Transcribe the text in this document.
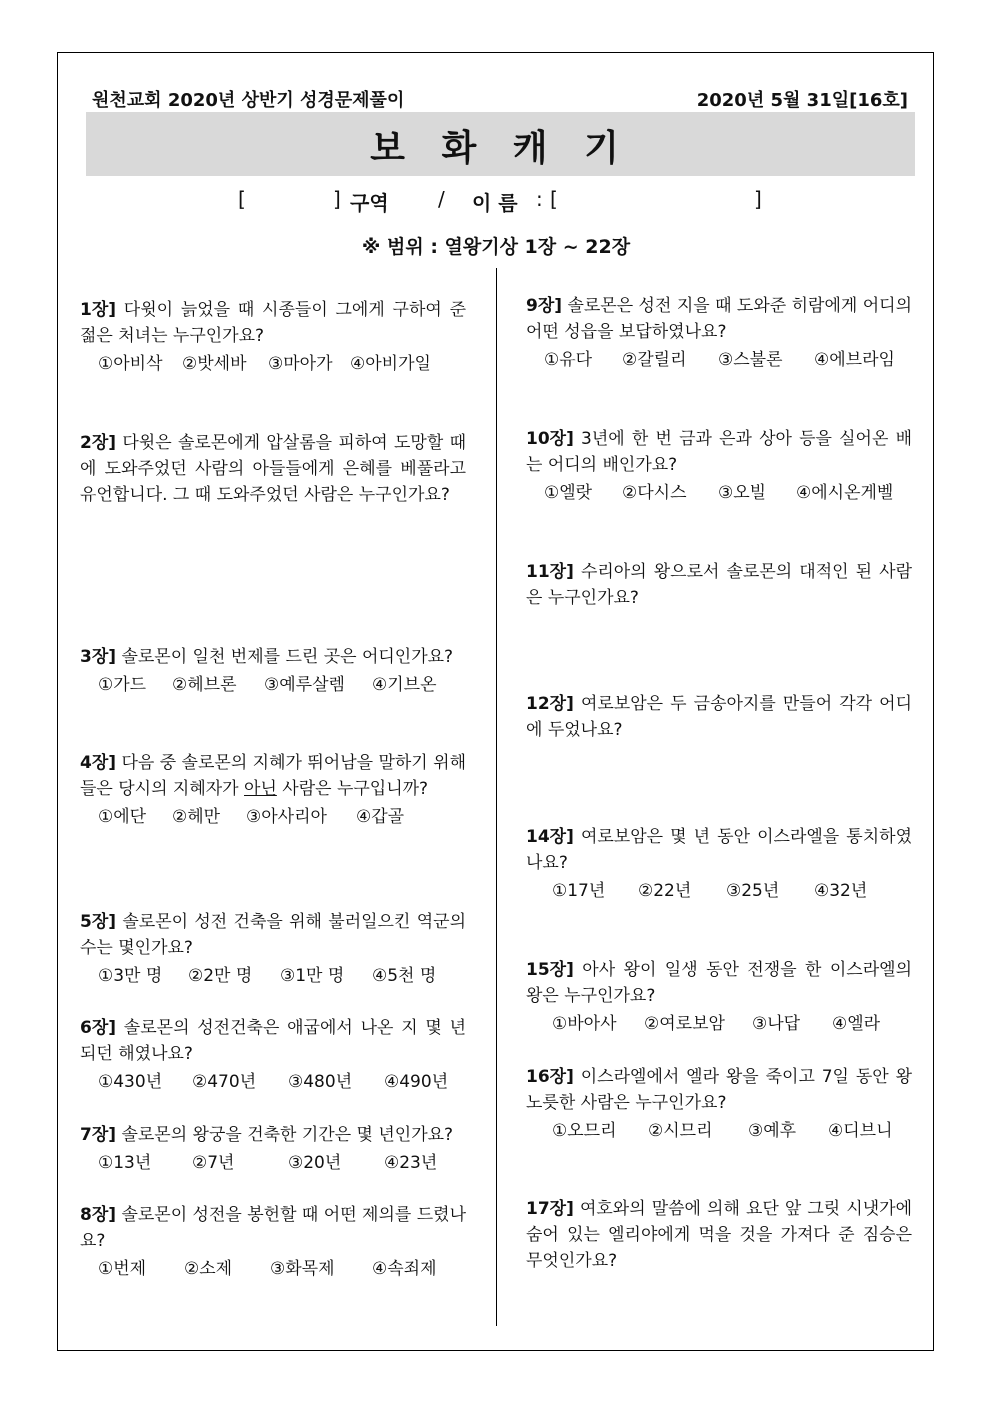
원천교회 2020년 상반기 성경문제풀이	2020년 5월 31일[16호]
보 화 캐 기
[	] 구역 / 이 름 : [	]
※ 범위 : 열왕기상 1장 ~ 22장
1장] 다윗이 늙었을 때 시종들이 그에게 구하여 준 젊은 처녀는 누구인가요?
①아비삭 ②밧세바 ③마아가 ④아비가일
2장] 다윗은 솔로몬에게 압살롬을 피하여 도망할 때에 도와주었던 사람의 아들들에게 은혜를 베풀라고 유언합니다. 그 때 도와주었던 사람은 누구인가요?
3장] 솔로몬이 일천 번제를 드린 곳은 어디인가요?
①가드 ②헤브론 ③예루살렘 ④기브온
4장] 다음 중 솔로몬의 지혜가 뛰어남을 말하기 위해 들은 당시의 지혜자가 아닌 사람은 누구입니까?
①에단 ②헤만 ③아사리아 ④갑골
5장] 솔로몬이 성전 건축을 위해 불러일으킨 역군의 수는 몇인가요?
①3만 명 ②2만 명 ③1만 명 ④5천 명
6장] 솔로몬의 성전건축은 애굽에서 나온 지 몇 년 되던 해였나요?
①430년 ②470년 ③480년 ④490년
7장] 솔로몬의 왕궁을 건축한 기간은 몇 년인가요?
①13년 ②7년	③20년	④23년
8장] 솔로몬이 성전을 봉헌할 때 어떤 제의를 드렸나요?
①번제 ②소제 ③화목제 ④속죄제
9장] 솔로몬은 성전 지을 때 도와준 히람에게 어디의 어떤 성읍을 보답하였나요?
①유다 ②갈릴리 ③스불론 ④에브라임
10장] 3년에 한 번 금과 은과 상아 등을 실어온 배는 어디의 배인가요?
①엘랏 ②다시스 ③오빌 ④에시온게벨
11장] 수리아의 왕으로서 솔로몬의 대적인 된 사람은 누구인가요?
12장] 여로보암은 두 금송아지를 만들어 각각 어디에 두었나요?
14장] 여로보암은 몇 년 동안 이스라엘을 통치하였나요?
①17년 ②22년 ③25년 ④32년
15장] 아사 왕이 일생 동안 전쟁을 한 이스라엘의 왕은 누구인가요?
①바아사 ②여로보암 ③나답 ④엘라
16장] 이스라엘에서 엘라 왕을 죽이고 7일 동안 왕 노릇한 사람은 누구인가요?
①오므리 ②시므리 ③예후 ④디브니
17장] 여호와의 말씀에 의해 요단 앞 그릿 시냇가에 숨어 있는 엘리야에게 먹을 것을 가져다 준 짐승은 무엇인가요?
